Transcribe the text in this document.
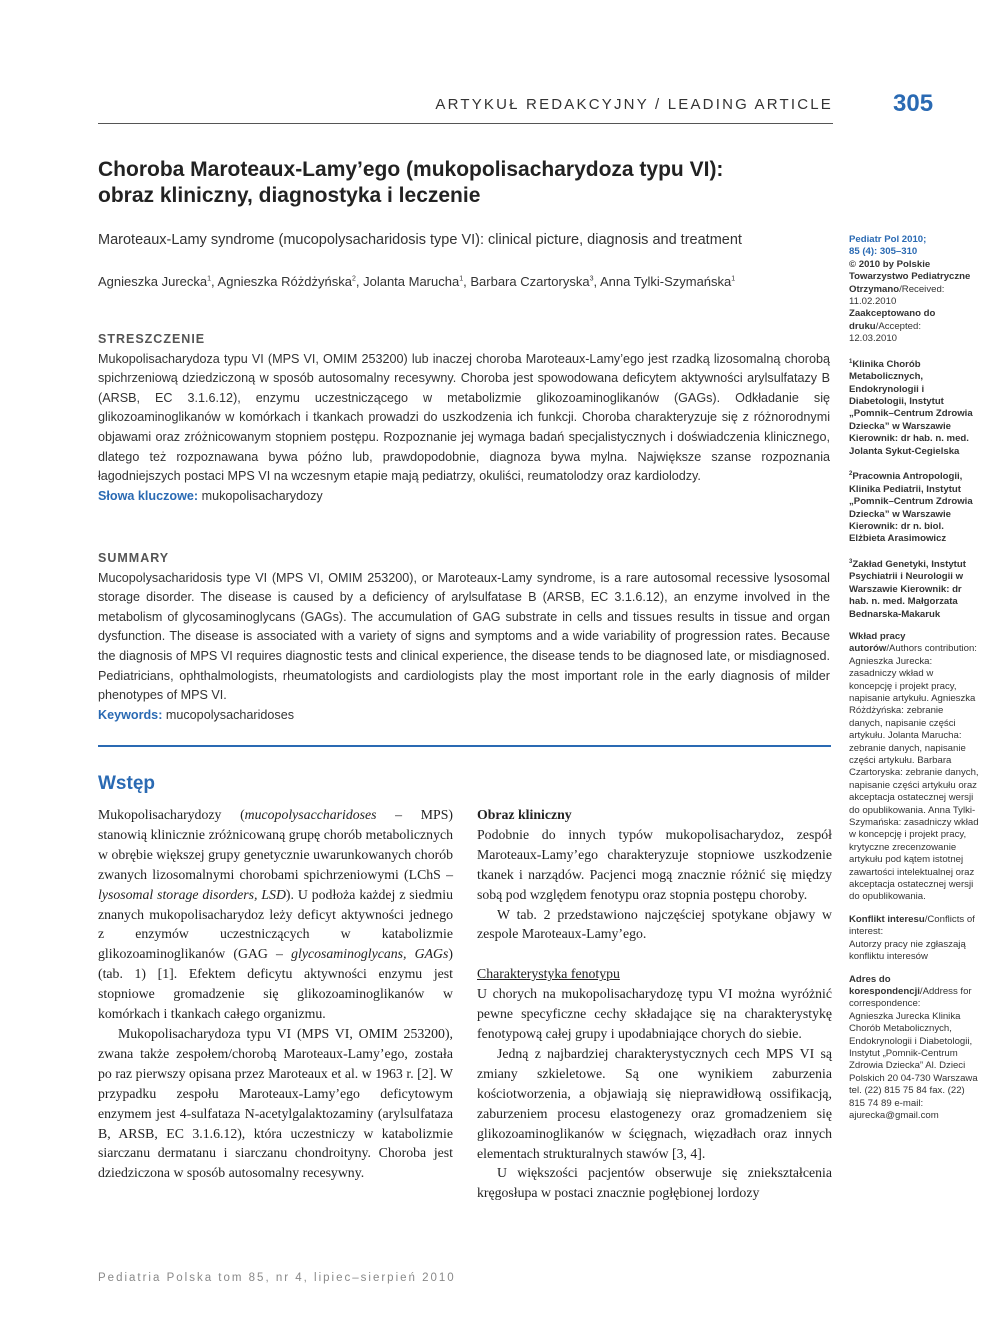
ARTYKUŁ REDAKCYJNY / LEADING ARTICLE	305
Choroba Maroteaux-Lamy’ego (mukopolisacharydoza typu VI):
obraz kliniczny, diagnostyka i leczenie
Maroteaux-Lamy syndrome (mucopolysacharidosis type VI): clinical picture, diagnosis and treatment
Agnieszka Jurecka$^1$, Agnieszka Różdżyńska$^2$, Jolanta Marucha$^1$, Barbara Czartoryska$^3$, Anna Tylki-Szymańska$^1$
STRESZCZENIE
Mukopolisacharydoza typu VI (MPS VI, OMIM 253200) lub inaczej choroba Maroteaux-Lamy’ego jest rzadką lizosomalną chorobą spichrzeniową dziedziczoną w sposób autosomalny recesywny. Choroba jest spowodowana deficytem aktywności arylsulfatazy B (ARSB, EC 3.1.6.12), enzymu uczestniczącego w metabolizmie glikozoaminoglikanów (GAGs). Odkładanie się glikozoaminoglikanów w komórkach i tkankach prowadzi do uszkodzenia ich funkcji. Choroba charakteryzuje się z różnorodnymi objawami oraz zróżnicowanym stopniem postępu. Rozpoznanie jej wymaga badań specjalistycznych i doświadczenia klinicznego, dlatego też rozpoznawana bywa późno lub, prawdopodobnie, diagnoza bywa mylna. Największe szanse rozpoznania łagodniejszych postaci MPS VI na wczesnym etapie mają pediatrzy, okuliści, reumatolodzy oraz kardiolodzy.
Słowa kluczowe: mukopolisacharydozy
SUMMARY
Mucopolysacharidosis type VI (MPS VI, OMIM 253200), or Maroteaux-Lamy syndrome, is a rare autosomal recessive lysosomal storage disorder. The disease is caused by a deficiency of arylsulfatase B (ARSB, EC 3.1.6.12), an enzyme involved in the metabolism of glycosaminoglycans (GAGs). The accumulation of GAG substrate in cells and tissues results in tissue and organ dysfunction. The disease is associated with a variety of signs and symptoms and a wide variability of progression rates. Because the diagnosis of MPS VI requires diagnostic tests and clinical experience, the disease tends to be diagnosed late, or misdiagnosed. Pediatricians, ophthalmologists, rheumatologists and cardiologists play the most important role in the early diagnosis of milder phenotypes of MPS VI.
Keywords: mucopolysacharidoses
Wstęp

Mukopolisacharydozy (mucopolysaccharidoses – MPS) stanowią klinicznie zróżnicowaną grupę chorób metabolicznych w obrębie większej grupy genetycznie uwarunkowanych chorób zwanych lizosomalnymi chorobami spichrzeniowymi (LChS – lysosomal storage disorders, LSD). U podłoża każdej z siedmiu znanych mukopolisacharydoz leży deficyt aktywności jednego z enzymów uczestniczących w katabolizmie glikozoaminoglikanów (GAG – glycosaminoglycans, GAGs) (tab. 1) [1]. Efektem deficytu aktywności enzymu jest stopniowe gromadzenie się glikozoaminoglikanów w komórkach i tkankach całego organizmu.

Mukopolisacharydoza typu VI (MPS VI, OMIM 253200), zwana także zespołem/chorobą Maroteaux-Lamy’ego, została po raz pierwszy opisana przez Maroteaux et al. w 1963 r. [2]. W przypadku zespołu Maroteaux-Lamy’ego deficytowym enzymem jest 4-sulfataza N-acetylgalaktozaminy (arylsulfataza B, ARSB, EC 3.1.6.12), która uczestniczy w katabolizmie siarczanu dermatanu i siarczanu chondroityny. Choroba jest dziedziczona w sposób autosomalny recesywny.

Obraz kliniczny

Podobnie do innych typów mukopolisacharydoz, zespół Maroteaux-Lamy’ego charakteryzuje stopniowe uszkodzenie tkanek i narządów. Pacjenci mogą znacznie różnić się między sobą pod względem fenotypu oraz stopnia postępu choroby.

W tab. 2 przedstawiono najczęściej spotykane objawy w zespole Maroteaux-Lamy’ego.

Charakterystyka fenotypu

U chorych na mukopolisacharydozę typu VI można wyróżnić pewne specyficzne cechy składające się na charakterystykę fenotypową całej grupy i upodabniające chorych do siebie.

Jedną z najbardziej charakterystycznych cech MPS VI są zmiany szkieletowe. Są one wynikiem zaburzenia kościotworzenia, a objawiają się nieprawidłową ossifikacją, zaburzeniem procesu elastogenezy oraz gromadzeniem się glikozoaminoglikanów w ścięgnach, więzadłach oraz innych elementach strukturalnych stawów [3, 4].

U większości pacjentów obserwuje się zniekształcenia kręgosłupa w postaci znacznie pogłębionej lordozy

Pediatria Polska tom 85, nr 4, lipiec–sierpień 2010
Pediatr Pol 2010;
85 (4): 305–310
© 2010 by Polskie Towarzystwo Pediatryczne
Otrzymano/Received:
11.02.2010
Zaakceptowano do druku/Accepted:
12.03.2010
$^1$Klinika Chorób Metabolicznych, Endokrynologii i Diabetologii, Instytut „Pomnik–Centrum Zdrowia Dziecka” w Warszawie Kierownik: dr hab. n. med. Jolanta Sykut-Cegielska
$^2$Pracownia Antropologii, Klinika Pediatrii, Instytut „Pomnik–Centrum Zdrowia Dziecka” w Warszawie Kierownik: dr n. biol. Elżbieta Arasimowicz
$^3$Zakład Genetyki, Instytut Psychiatrii i Neurologii w Warszawie Kierownik: dr hab. n. med. Małgorzata Bednarska-Makaruk
Wkład pracy autorów/Authors contribution:
Agnieszka Jurecka: zasadniczy wkład w koncepcję i projekt pracy, napisanie artykułu. Agnieszka Różdżyńska: zebranie danych, napisanie części artykułu. Jolanta Marucha: zebranie danych, napisanie części artykułu. Barbara Czartoryska: zebranie danych, napisanie części artykułu oraz akceptacja ostatecznej wersji do opublikowania. Anna Tylki-Szymańska: zasadniczy wkład w koncepcję i projekt pracy, krytyczne zrecenzowanie artykułu pod kątem istotnej zawartości intelektualnej oraz akceptacja ostatecznej wersji do opublikowania.
Konflikt interesu/Conflicts of interest:
Autorzy pracy nie zgłaszają konfliktu interesów
Adres do korespondencji/Address for correspondence:
Agnieszka Jurecka Klinika Chorób Metabolicznych, Endokrynologii i Diabetologii, Instytut „Pomnik-Centrum Zdrowia Dziecka” Al. Dzieci Polskich 20 04-730 Warszawa tel. (22) 815 75 84 fax. (22) 815 74 89 e-mail: ajurecka@gmail.com
